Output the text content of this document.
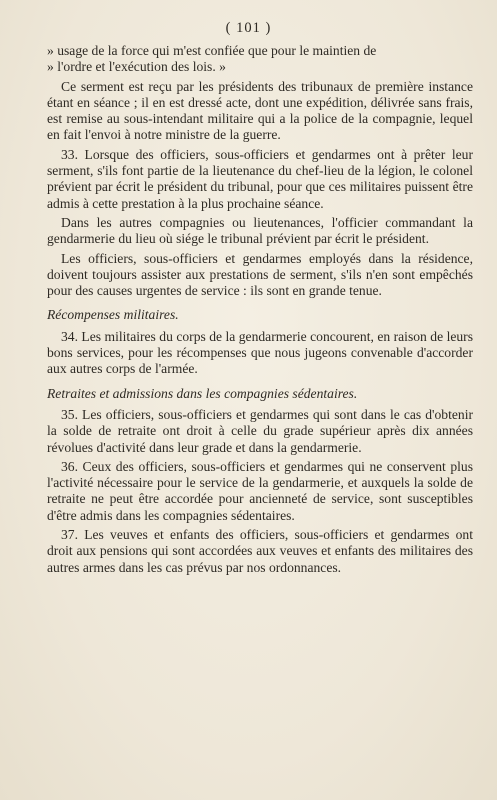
( 101 )

» usage de la force qui m'est confiée que pour le maintien de

» l'ordre et l'exécution des lois. »

Ce serment est reçu par les présidents des tribunaux de première instance étant en séance ; il en est dressé acte, dont une expédition, délivrée sans frais, est remise au sous-intendant militaire qui a la police de la compagnie, lequel en fait l'envoi à notre ministre de la guerre.

33. Lorsque des officiers, sous-officiers et gendarmes ont à prêter leur serment, s'ils font partie de la lieutenance du chef-lieu de la légion, le colonel prévient par écrit le président du tribunal, pour que ces militaires puissent être admis à cette prestation à la plus prochaine séance.

Dans les autres compagnies ou lieutenances, l'officier commandant la gendarmerie du lieu où siége le tribunal prévient par écrit le président.

Les officiers, sous-officiers et gendarmes employés dans la résidence, doivent toujours assister aux prestations de serment, s'ils n'en sont empêchés pour des causes urgentes de service : ils sont en grande tenue.

Récompenses militaires.

34. Les militaires du corps de la gendarmerie concourent, en raison de leurs bons services, pour les récompenses que nous jugeons convenable d'accorder aux autres corps de l'armée.

Retraites et admissions dans les compagnies sédentaires.

35. Les officiers, sous-officiers et gendarmes qui sont dans le cas d'obtenir la solde de retraite ont droit à celle du grade supérieur après dix années révolues d'activité dans leur grade et dans la gendarmerie.

36. Ceux des officiers, sous-officiers et gendarmes qui ne conservent plus l'activité nécessaire pour le service de la gendarmerie, et auxquels la solde de retraite ne peut être accordée pour ancienneté de service, sont susceptibles d'être admis dans les compagnies sédentaires.

37. Les veuves et enfants des officiers, sous-officiers et gendarmes ont droit aux pensions qui sont accordées aux veuves et enfants des militaires des autres armes dans les cas prévus par nos ordonnances.
